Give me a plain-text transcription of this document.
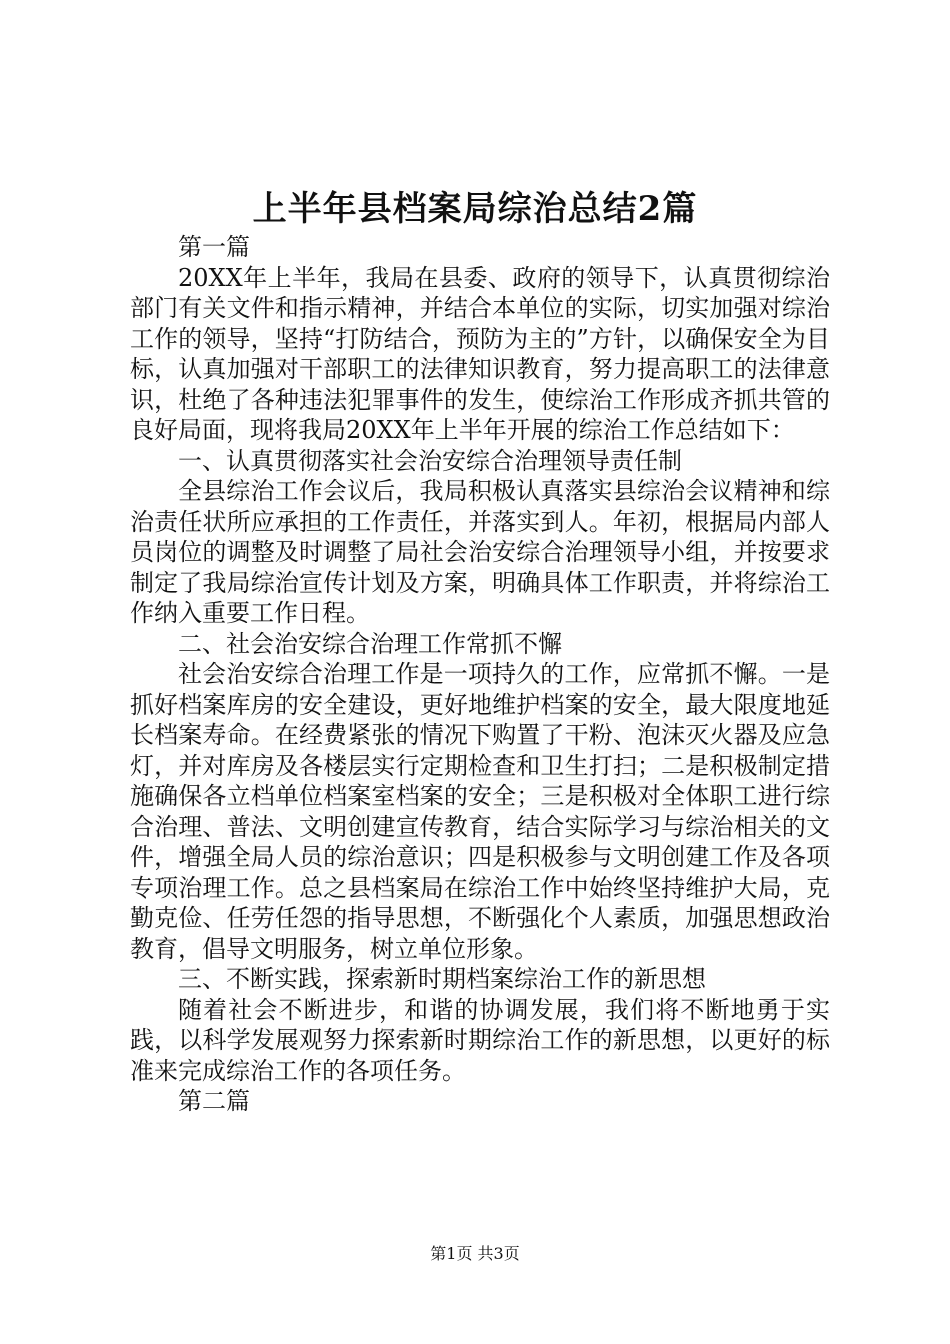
上半年县档案局综治总结2篇

第一篇

20XX年上半年，我局在县委、政府的领导下，认真贯彻综治部门有关文件和指示精神，并结合本单位的实际，切实加强对综治工作的领导，坚持“打防结合，预防为主的”方针，以确保安全为目标，认真加强对干部职工的法律知识教育，努力提高职工的法律意识，杜绝了各种违法犯罪事件的发生，使综治工作形成齐抓共管的良好局面，现将我局20XX年上半年开展的综治工作总结如下：

一、认真贯彻落实社会治安综合治理领导责任制

全县综治工作会议后，我局积极认真落实县综治会议精神和综治责任状所应承担的工作责任，并落实到人。年初，根据局内部人员岗位的调整及时调整了局社会治安综合治理领导小组，并按要求制定了我局综治宣传计划及方案，明确具体工作职责，并将综治工作纳入重要工作日程。

二、社会治安综合治理工作常抓不懈

社会治安综合治理工作是一项持久的工作，应常抓不懈。一是抓好档案库房的安全建设，更好地维护档案的安全，最大限度地延长档案寿命。在经费紧张的情况下购置了干粉、泡沫灭火器及应急灯，并对库房及各楼层实行定期检查和卫生打扫；二是积极制定措施确保各立档单位档案室档案的安全；三是积极对全体职工进行综合治理、普法、文明创建宣传教育，结合实际学习与综治相关的文件，增强全局人员的综治意识；四是积极参与文明创建工作及各项专项治理工作。总之县档案局在综治工作中始终坚持维护大局，克勤克俭、任劳任怨的指导思想，不断强化个人素质，加强思想政治教育，倡导文明服务，树立单位形象。

三、不断实践，探索新时期档案综治工作的新思想

随着社会不断进步，和谐的协调发展，我们将不断地勇于实践，以科学发展观努力探索新时期综治工作的新思想，以更好的标准来完成综治工作的各项任务。

第二篇

第1页 共3页
